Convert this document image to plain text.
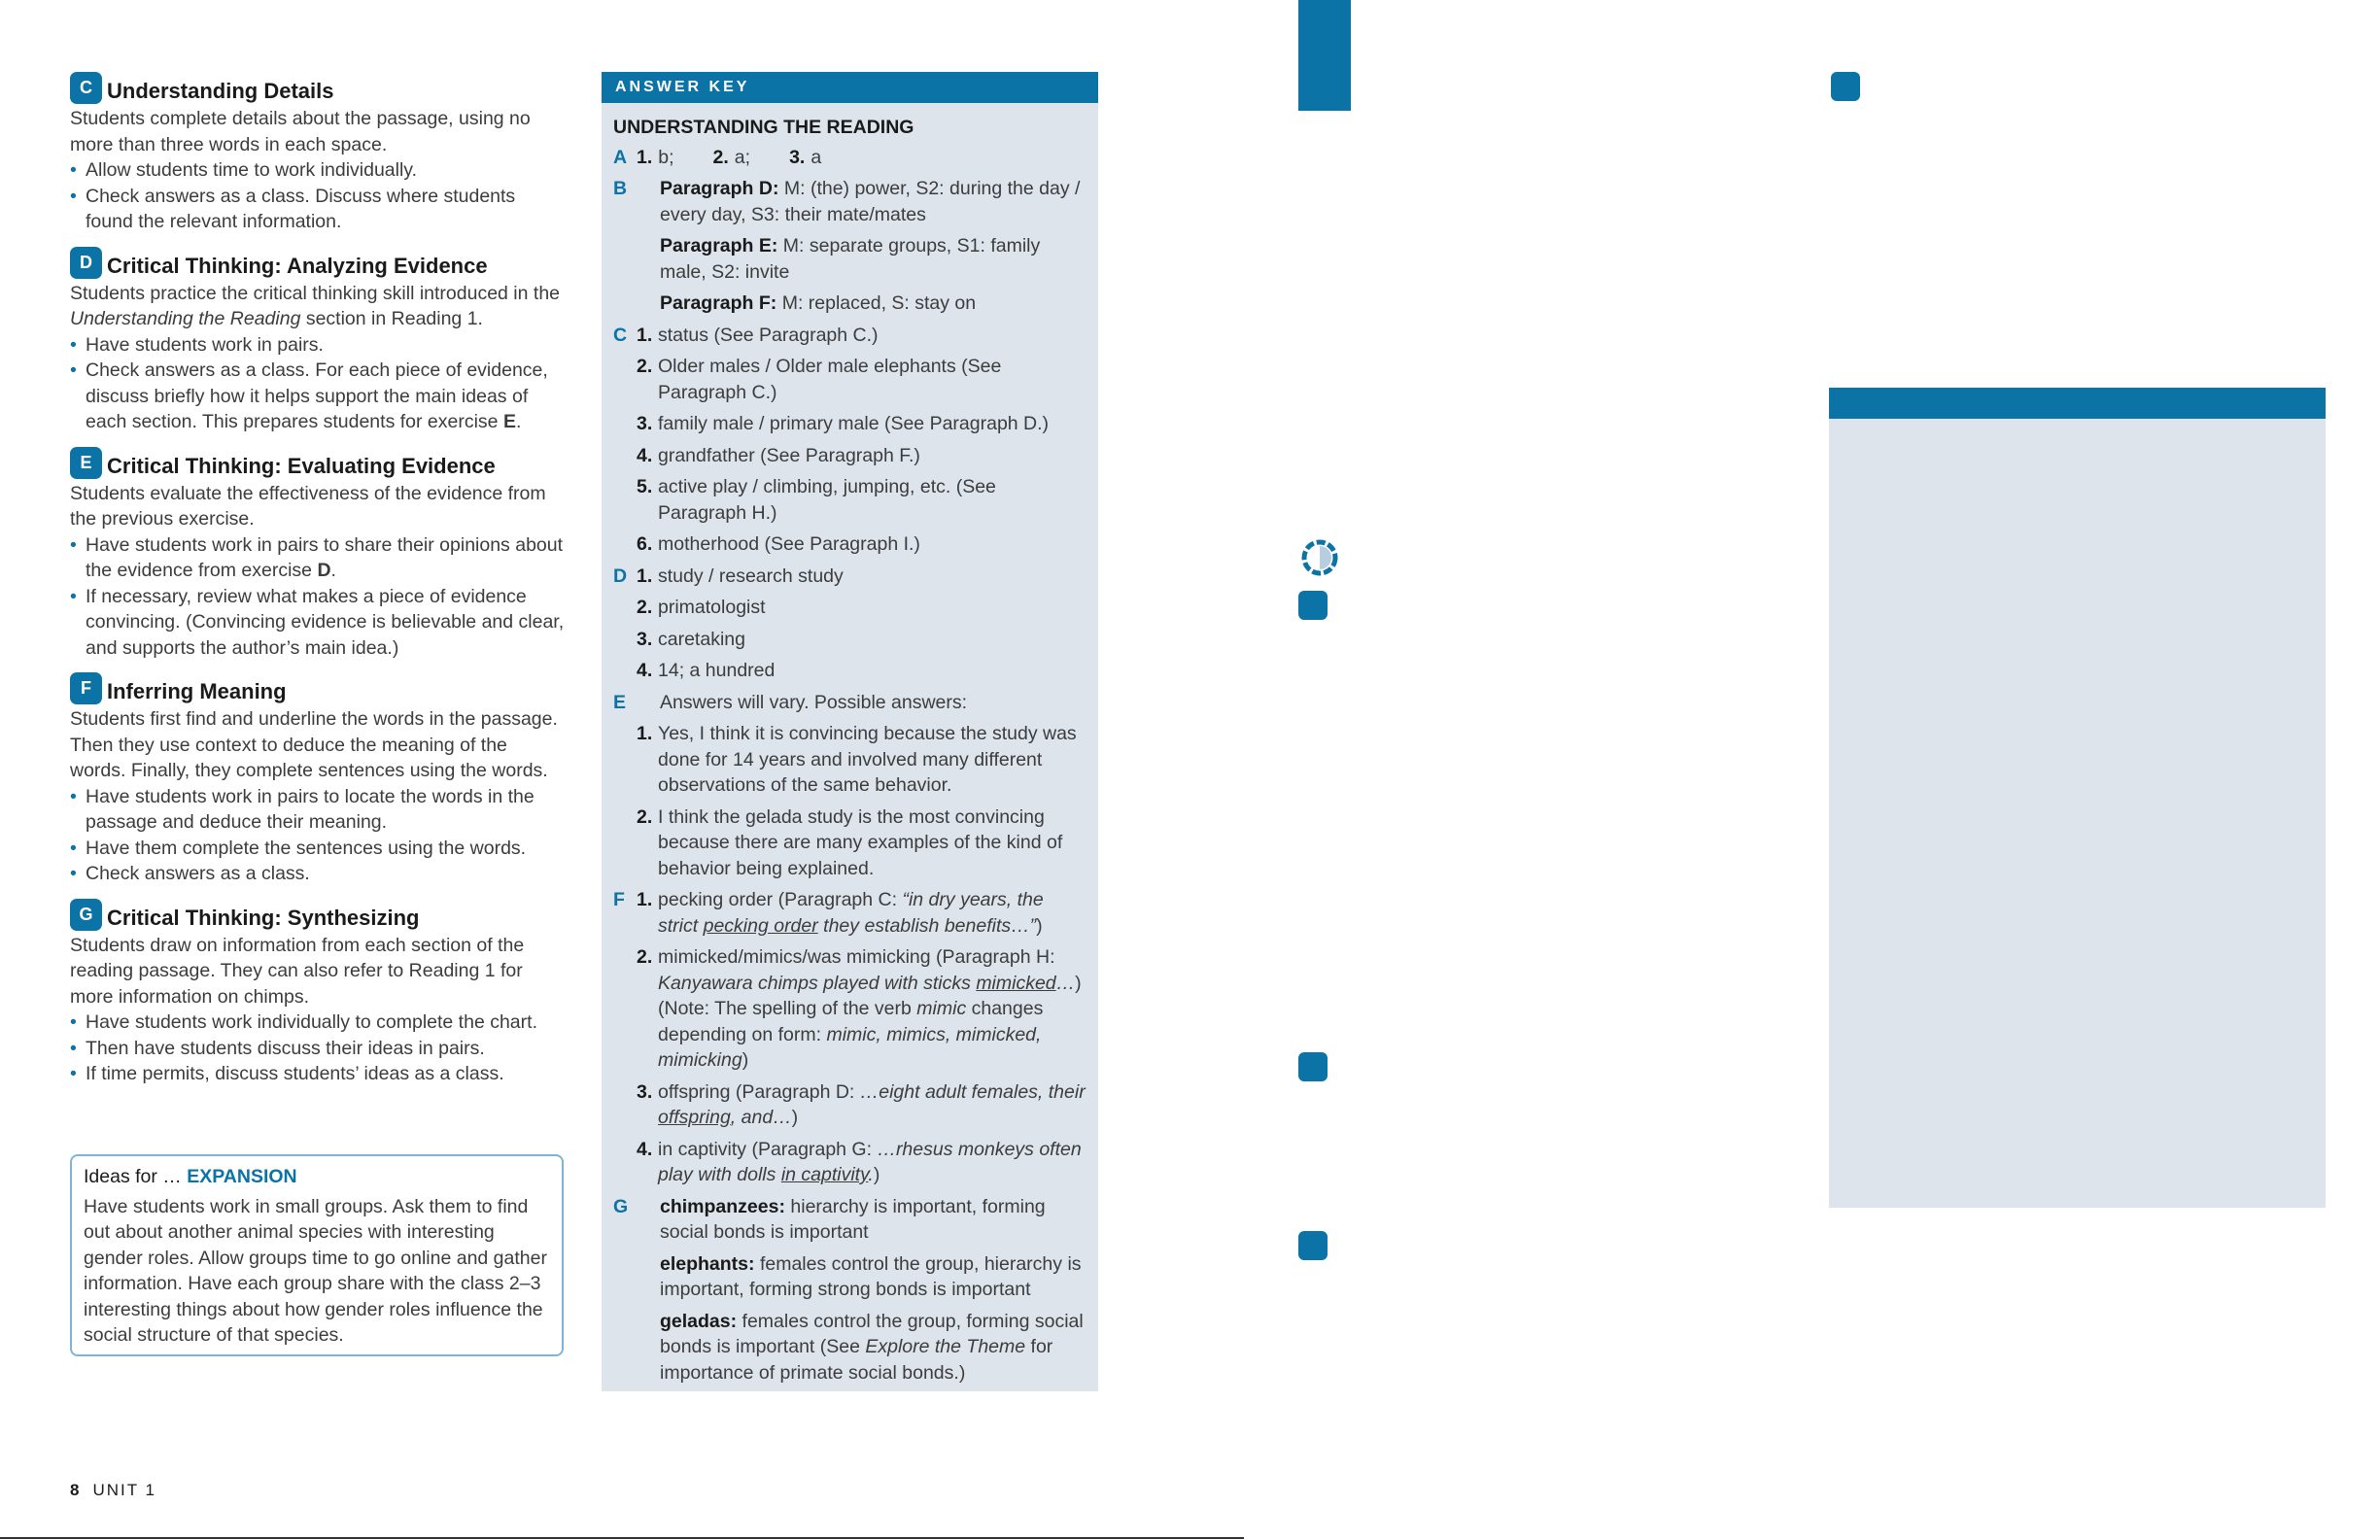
C Understanding Details

Students complete details about the passage, using no more than three words in each space.

• Allow students time to work individually.
• Check answers as a class. Discuss where students found the relevant information.
D Critical Thinking: Analyzing Evidence

Students practice the critical thinking skill introduced in the Understanding the Reading section in Reading 1.

• Have students work in pairs.
• Check answers as a class. For each piece of evidence, discuss briefly how it helps support the main ideas of each section. This prepares students for exercise E.
E Critical Thinking: Evaluating Evidence

Students evaluate the effectiveness of the evidence from the previous exercise.

• Have students work in pairs to share their opinions about the evidence from exercise D.
• If necessary, review what makes a piece of evidence convincing. (Convincing evidence is believable and clear, and supports the author’s main idea.)
F Inferring Meaning

Students first find and underline the words in the passage. Then they use context to deduce the meaning of the words. Finally, they complete sentences using the words.

• Have students work in pairs to locate the words in the passage and deduce their meaning.
• Have them complete the sentences using the words.
• Check answers as a class.
G Critical Thinking: Synthesizing

Students draw on information from each section of the reading passage. They can also refer to Reading 1 for more information on chimps.

• Have students work individually to complete the chart.
• Then have students discuss their ideas in pairs.
• If time permits, discuss students’ ideas as a class.
Ideas for … EXPANSION
Have students work in small groups. Ask them to find out about another animal species with interesting gender roles. Allow groups time to go online and gather information. Have each group share with the class 2–3 interesting things about how gender roles influence the social structure of that species.
8 UNIT 1
ANSWER KEY
UNDERSTANDING THE READING
A 1. b; 2. a; 3. a
B	Paragraph D: M: (the) power, S2: during the day / every day, S3: their mate/mates
Paragraph E: M: separate groups, S1: family male, S2: invite
Paragraph F: M: replaced, S: stay on
C 1. status (See Paragraph C.)
2. Older males / Older male elephants (See Paragraph C.)
3. family male / primary male (See Paragraph D.)
4. grandfather (See Paragraph F.)
5. active play / climbing, jumping, etc. (See Paragraph H.)
6. motherhood (See Paragraph I.)
D 1. study / research study
2. primatologist
3. caretaking
4. 14; a hundred
E	Answers will vary. Possible answers:
1. Yes, I think it is convincing because the study was done for 14 years and involved many different observations of the same behavior.
2. I think the gelada study is the most convincing because there are many examples of the kind of behavior being explained.
F 1. pecking order (Paragraph C: “in dry years, the strict pecking order they establish benefits…”)
2. mimicked/mimics/was mimicking (Paragraph H: Kanyawara chimps played with sticks mimicked…) (Note: The spelling of the verb mimic changes depending on form: mimic, mimics, mimicked, mimicking)
3. offspring (Paragraph D: …eight adult females, their offspring, and…)
4. in captivity (Paragraph G: …rhesus monkeys often play with dolls in captivity.)
G	chimpanzees: hierarchy is important, forming social bonds is important
elephants: females control the group, hierarchy is important, forming strong bonds is important
geladas: females control the group, forming social bonds is important (See Explore the Theme for importance of primate social bonds.)
